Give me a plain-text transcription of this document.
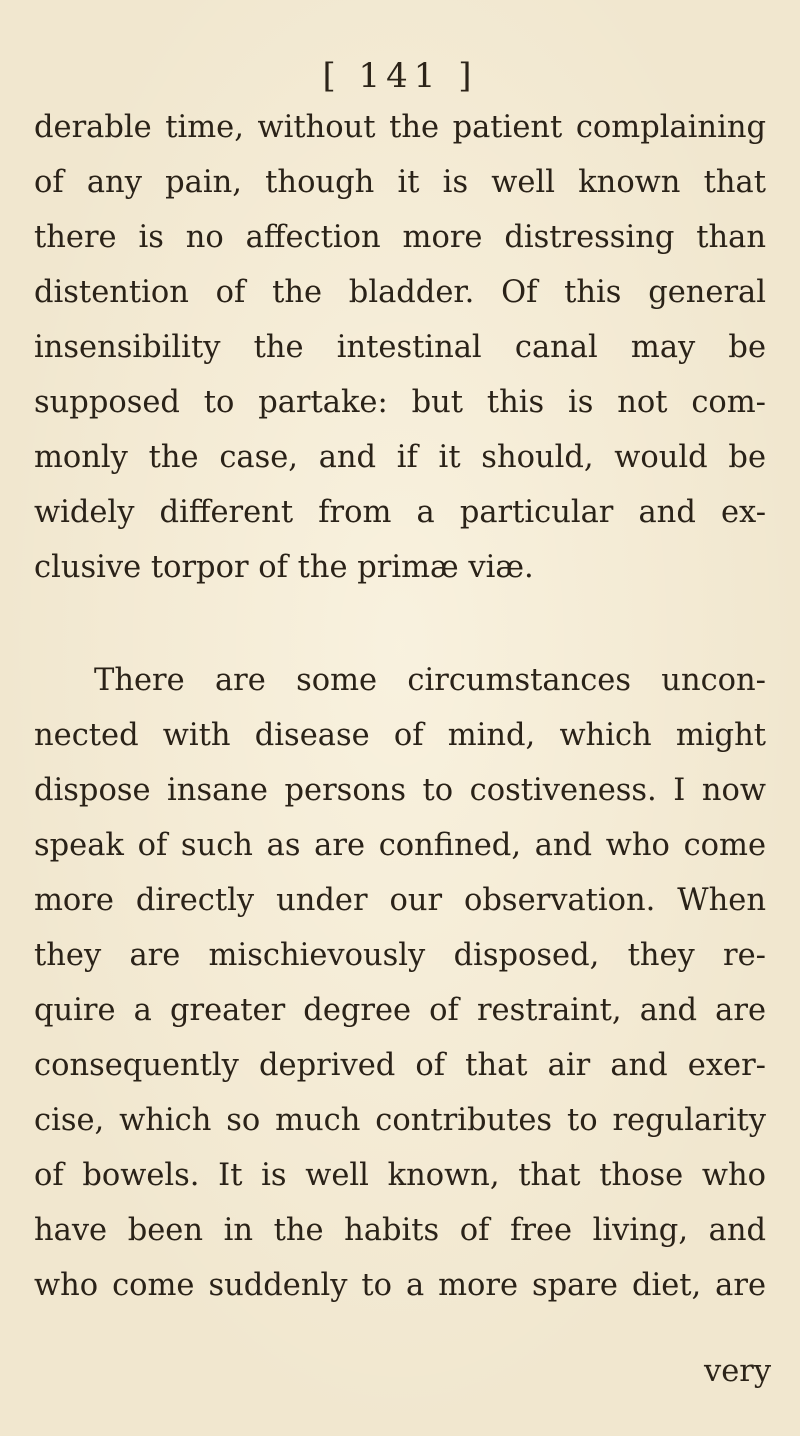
[ 141 ]
derable time, without the patient complaining
of any pain, though it is well known that
there is no affection more distressing than
distention of the bladder. Of this general
insensibility the intestinal canal may be
supposed to partake: but this is not com-
monly the case, and if it should, would be
widely different from a particular and ex-
clusive torpor of the primæ viæ.
There are some circumstances uncon-
nected with disease of mind, which might
dispose insane persons to costiveness. I now
speak of such as are confined, and who come
more directly under our observation. When
they are mischievously disposed, they re-
quire a greater degree of restraint, and are
consequently deprived of that air and exer-
cise, which so much contributes to regularity
of bowels. It is well known, that those who
have been in the habits of free living, and
who come suddenly to a more spare diet, are
very
